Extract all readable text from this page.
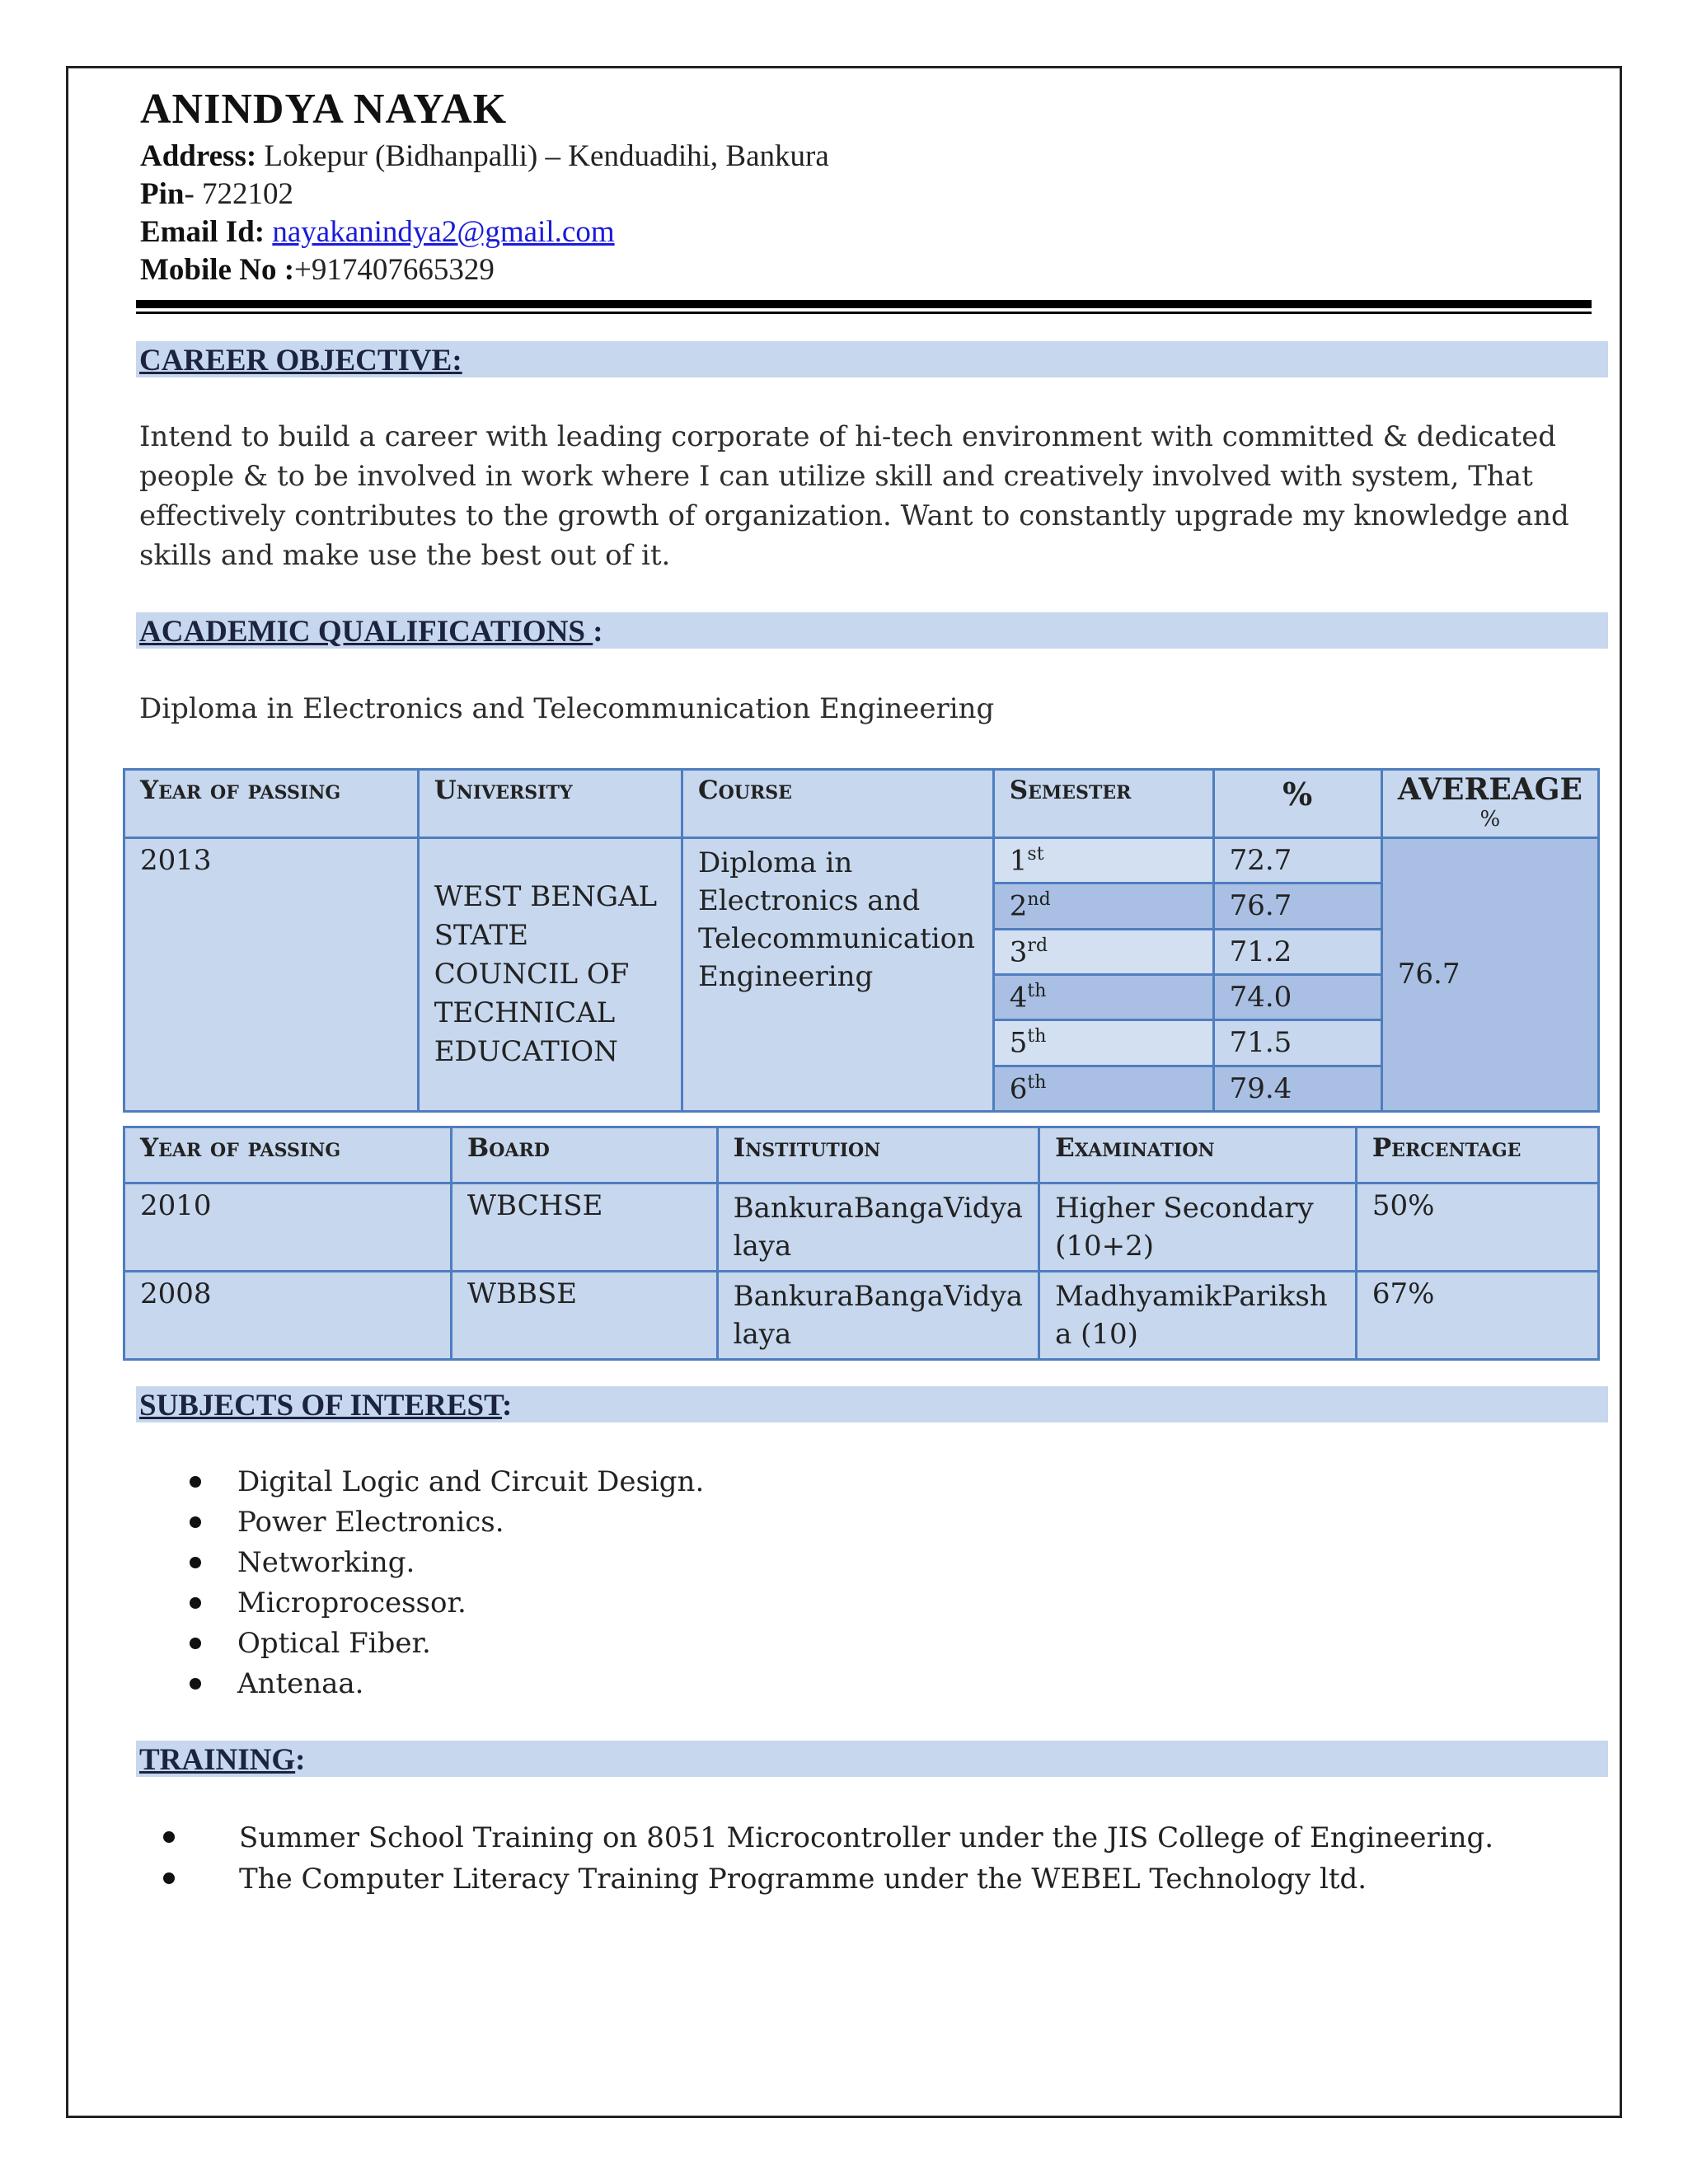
ANINDYA NAYAK
Address: Lokepur (Bidhanpalli) – Kenduadihi, Bankura
Pin- 722102
Email Id: nayakanindya2@gmail.com
Mobile No :+917407665329
CAREER OBJECTIVE:
Intend to build a career with leading corporate of hi-tech environment with committed & dedicated people & to be involved in work where I can utilize skill and creatively involved with system, That effectively contributes to the growth of organization. Want to constantly upgrade my knowledge and skills and make use the best out of it.
ACADEMIC QUALIFICATIONS :
Diploma in Electronics and Telecommunication Engineering
Year of passing	University	Course	Semester	%	AVEREAGE
%

2013	WEST BENGAL STATE COUNCIL OF TECHNICAL EDUCATION	Diploma in Electronics and Telecommunication Engineering	1st	72.7	76.7
			2nd	76.7	
			3rd	71.2	
			4th	74.0	
			5th	71.5	
			6th	79.4	
Year of passing	Board	Institution	Examination	Percentage
2010	WBCHSE	BankuraBangaVidya laya	Higher Secondary (10+2)	50%
2008	WBBSE	BankuraBangaVidya laya	MadhyamikPariksh a (10)	67%
SUBJECTS OF INTEREST:
Digital Logic and Circuit Design.
Power Electronics.
Networking.
Microprocessor.
Optical Fiber.
Antenaa.
TRAINING:
Summer School Training on 8051 Microcontroller under the JIS College of Engineering.
The Computer Literacy Training Programme under the WEBEL Technology ltd.
